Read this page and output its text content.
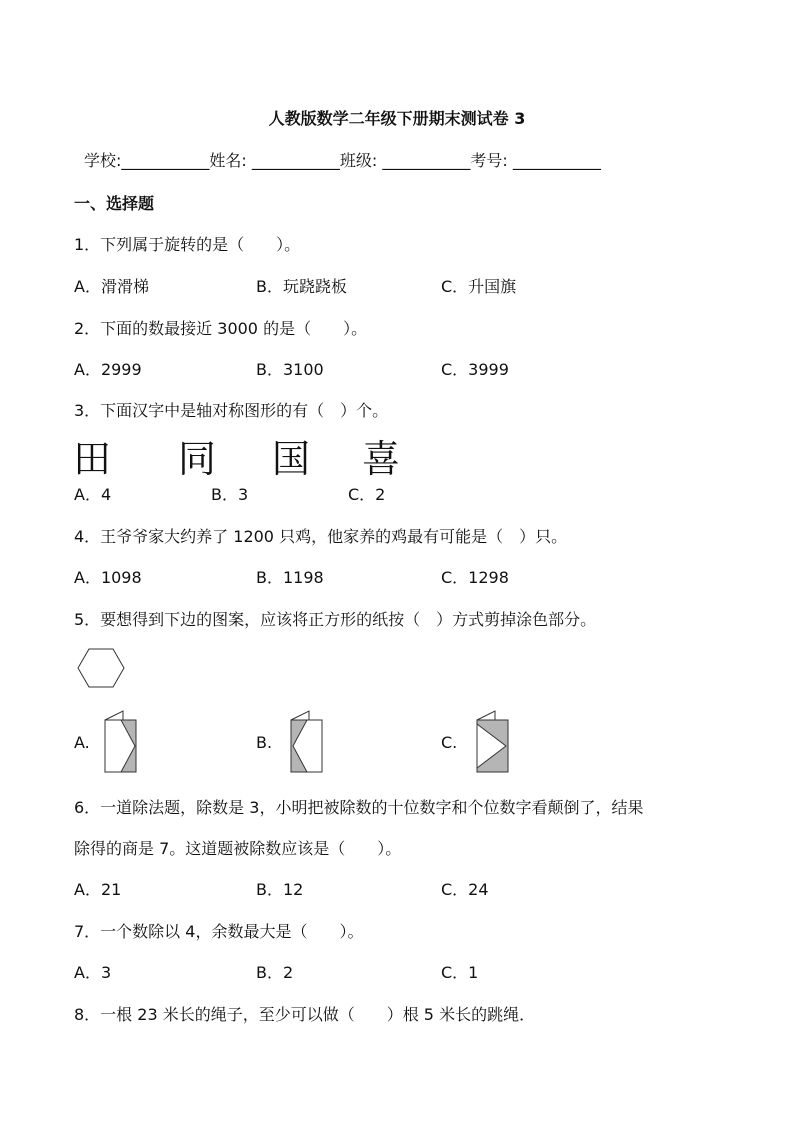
人教版数学二年级下册期末测试卷 3
学校:___________姓名: ___________班级: ___________考号: ___________
一、选择题
1．下列属于旋转的是（　　）。
A．滑滑梯	B．玩跷跷板	C．升国旗
2．下面的数最接近 3000 的是（　　）。
A．2999	B．3100	C．3999
3．下面汉字中是轴对称图形的有（　）个。
田 同 国 喜
A．4	B．3	C．2
4．王爷爷家大约养了 1200 只鸡，他家养的鸡最有可能是（　）只。
A．1098	B．1198	C．1298
5．要想得到下边的图案，应该将正方形的纸按（　）方式剪掉涂色部分。
A.	B.	C.
6．一道除法题，除数是 3，小明把被除数的十位数字和个位数字看颠倒了，结果
除得的商是 7。这道题被除数应该是（　　）。
A．21	B．12	C．24
7．一个数除以 4，余数最大是（　　）。
A．3	B．2	C．1
8．一根 23 米长的绳子，至少可以做（　　）根 5 米长的跳绳．
